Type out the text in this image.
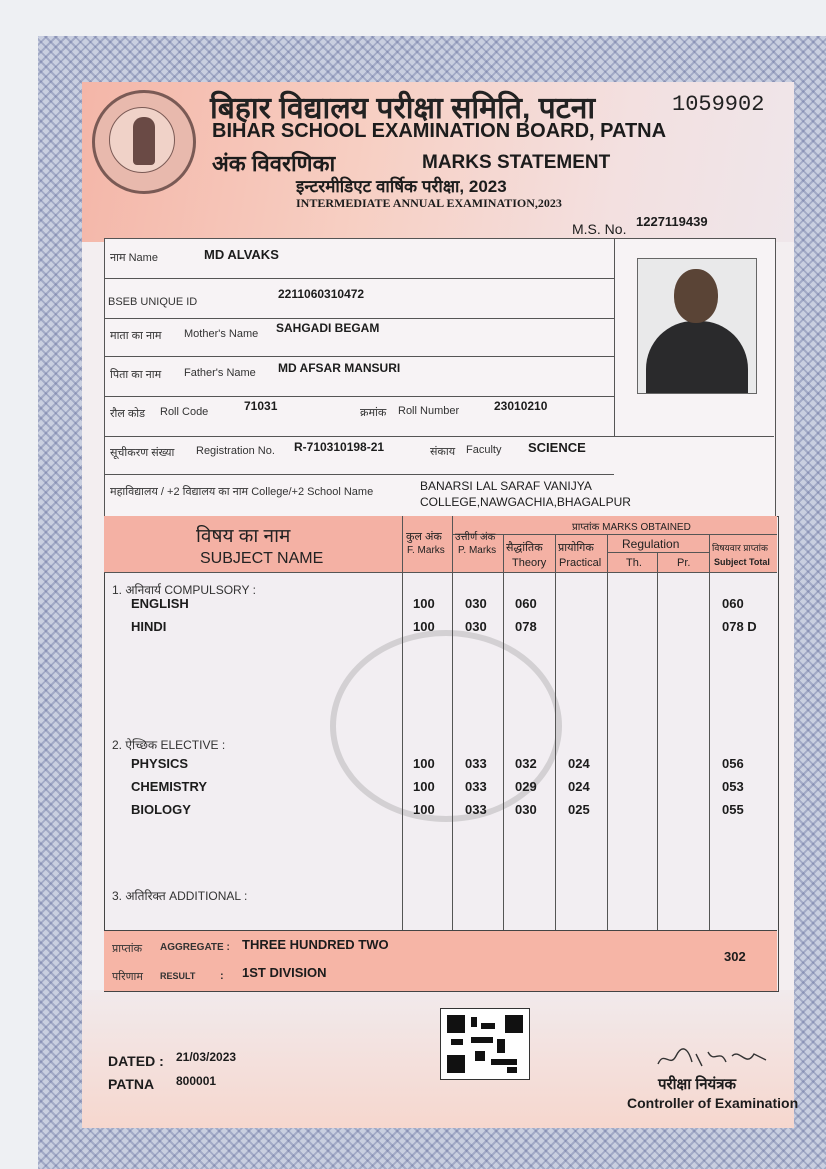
बिहार विद्यालय परीक्षा समिति, पटना	1059902
BIHAR SCHOOL EXAMINATION BOARD, PATNA
अंक विवरणिका	MARKS STATEMENT
इन्टरमीडिएट वार्षिक परीक्षा, 2023
INTERMEDIATE ANNUAL EXAMINATION,2023
M.S. No. 1227119439
नाम Name	MD ALVAKS
BSEB UNIQUE ID
2211060310472
माता का नाम Mother's Name SAHGADI BEGAM
पिता का नाम Father's Name MD AFSAR MANSURI
रौल कोड Roll Code	71031	क्रमांक Roll Number	23010210
सूचीकरण संख्या Registration No. R-710310198-21	संकाय Faculty SCIENCE
महाविद्यालय / +2 विद्यालय का नाम College/+2 School Name	BANARSI LAL SARAF VANIJYA
COLLEGE,NAWGACHIA,BHAGALPUR
विषय का नाम
SUBJECT NAME
कुल अंक
F. Marks
उत्तीर्ण अंक
P. Marks
प्राप्तांक MARKS OBTAINED
सैद्धांतिक
Theory
प्रायोगिक
Practical
Regulation
Th.	Pr.
विषयवार प्राप्तांक
Subject Total
1. अनिवार्य COMPULSORY :
2. ऐच्छिक ELECTIVE :
3. अतिरिक्त ADDITIONAL :
ENGLISH	100 030 060	060
HINDI	100 030 078	078 D
PHYSICS	100 033 032 024	056
CHEMISTRY	100 033 029 024	053
BIOLOGY	100 033 030 025	055
प्राप्तांक AGGREGATE : THREE HUNDRED TWO
302
परिणाम RESULT : 1ST DIVISION
DATED : 21/03/2023
PATNA 800001	परीक्षा नियंत्रक
Controller of Examination
